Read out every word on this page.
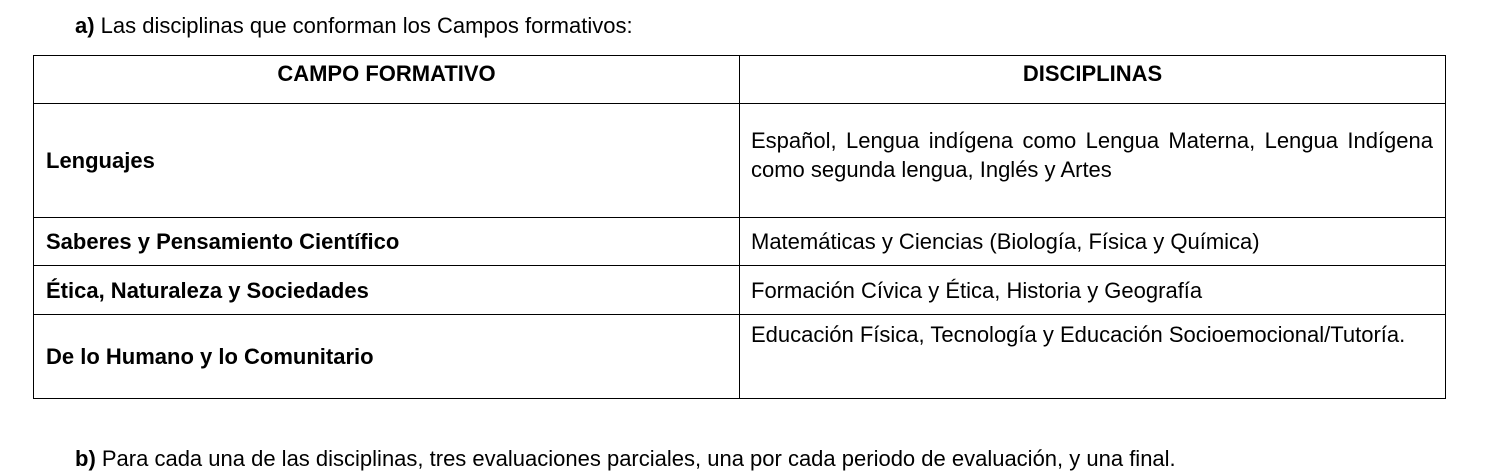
a) Las disciplinas que conforman los Campos formativos:
CAMPO FORMATIVO	DISCIPLINAS
Lenguajes	Español, Lengua indígena como Lengua Materna, Lengua Indígena como segunda lengua, Inglés y Artes
Saberes y Pensamiento Científico	Matemáticas y Ciencias (Biología, Física y Química)
Ética, Naturaleza y Sociedades	Formación Cívica y Ética, Historia y Geografía
De lo Humano y lo Comunitario	Educación Física, Tecnología y Educación Socioemocional/Tutoría.
b) Para cada una de las disciplinas, tres evaluaciones parciales, una por cada periodo de evaluación, y una final.
